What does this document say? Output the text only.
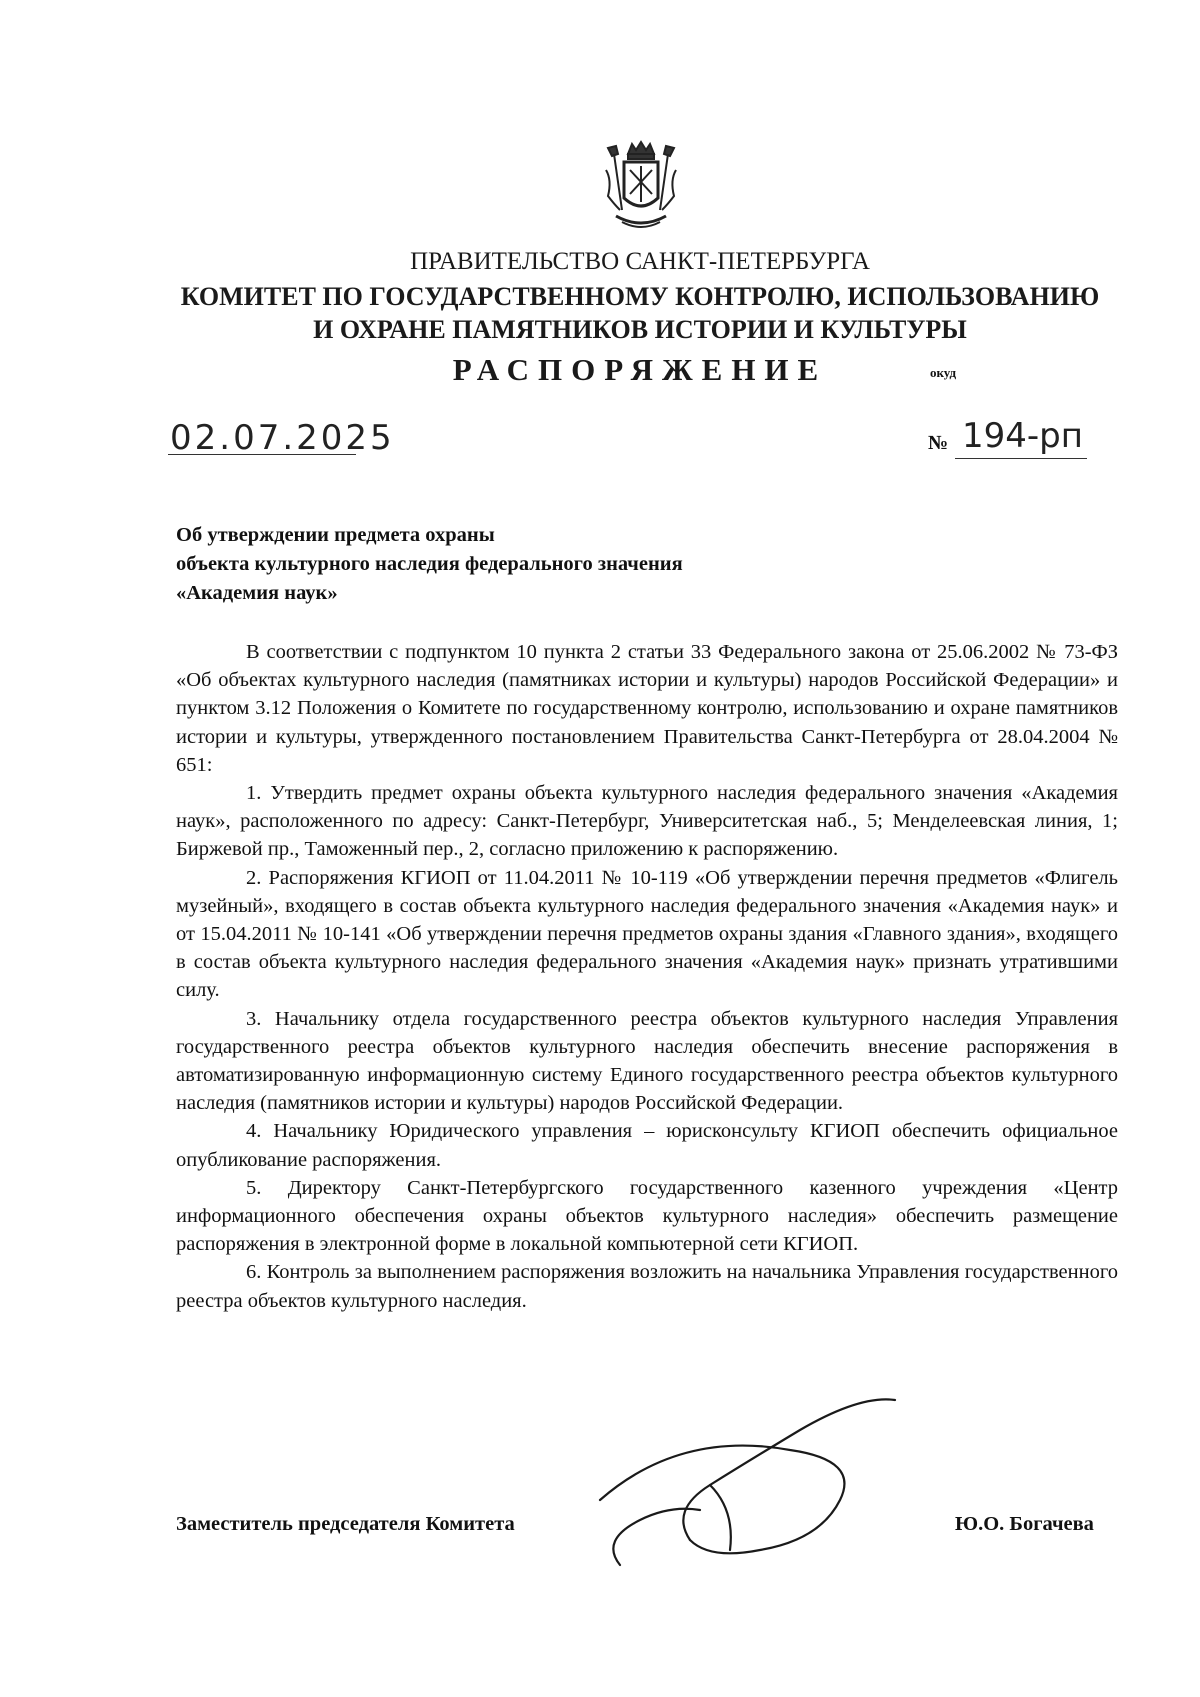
ПРАВИТЕЛЬСТВО САНКТ-ПЕТЕРБУРГА
КОМИТЕТ ПО ГОСУДАРСТВЕННОМУ КОНТРОЛЮ, ИСПОЛЬЗОВАНИЮ
И ОХРАНЕ ПАМЯТНИКОВ ИСТОРИИ И КУЛЬТУРЫ
РАСПОРЯЖЕНИЕ	окуд
02.07.2025	№ 194-рп
Об утверждении предмета охраны
объекта культурного наследия федерального значения
«Академия наук»

В соответствии с подпунктом 10 пункта 2 статьи 33 Федерального закона от 25.06.2002 № 73-ФЗ «Об объектах культурного наследия (памятниках истории и культуры) народов Российской Федерации» и пунктом 3.12 Положения о Комитете по государственному контролю, использованию и охране памятников истории и культуры, утвержденного постановлением Правительства Санкт-Петербурга от 28.04.2004 № 651:

1. Утвердить предмет охраны объекта культурного наследия федерального значения «Академия наук», расположенного по адресу: Санкт-Петербург, Университетская наб., 5; Менделеевская линия, 1; Биржевой пр., Таможенный пер., 2, согласно приложению к распоряжению.

2. Распоряжения КГИОП от 11.04.2011 № 10-119 «Об утверждении перечня предметов «Флигель музейный», входящего в состав объекта культурного наследия федерального значения «Академия наук» и от 15.04.2011 № 10-141 «Об утверждении перечня предметов охраны здания «Главного здания», входящего в состав объекта культурного наследия федерального значения «Академия наук» признать утратившими силу.

3. Начальнику отдела государственного реестра объектов культурного наследия Управления государственного реестра объектов культурного наследия обеспечить внесение распоряжения в автоматизированную информационную систему Единого государственного реестра объектов культурного наследия (памятников истории и культуры) народов Российской Федерации.

4. Начальнику Юридического управления – юрисконсульту КГИОП обеспечить официальное опубликование распоряжения.

5. Директору Санкт-Петербургского государственного казенного учреждения «Центр информационного обеспечения охраны объектов культурного наследия» обеспечить размещение распоряжения в электронной форме в локальной компьютерной сети КГИОП.

6. Контроль за выполнением распоряжения возложить на начальника Управления государственного реестра объектов культурного наследия.

Заместитель председателя Комитета	Ю.О. Богачева
